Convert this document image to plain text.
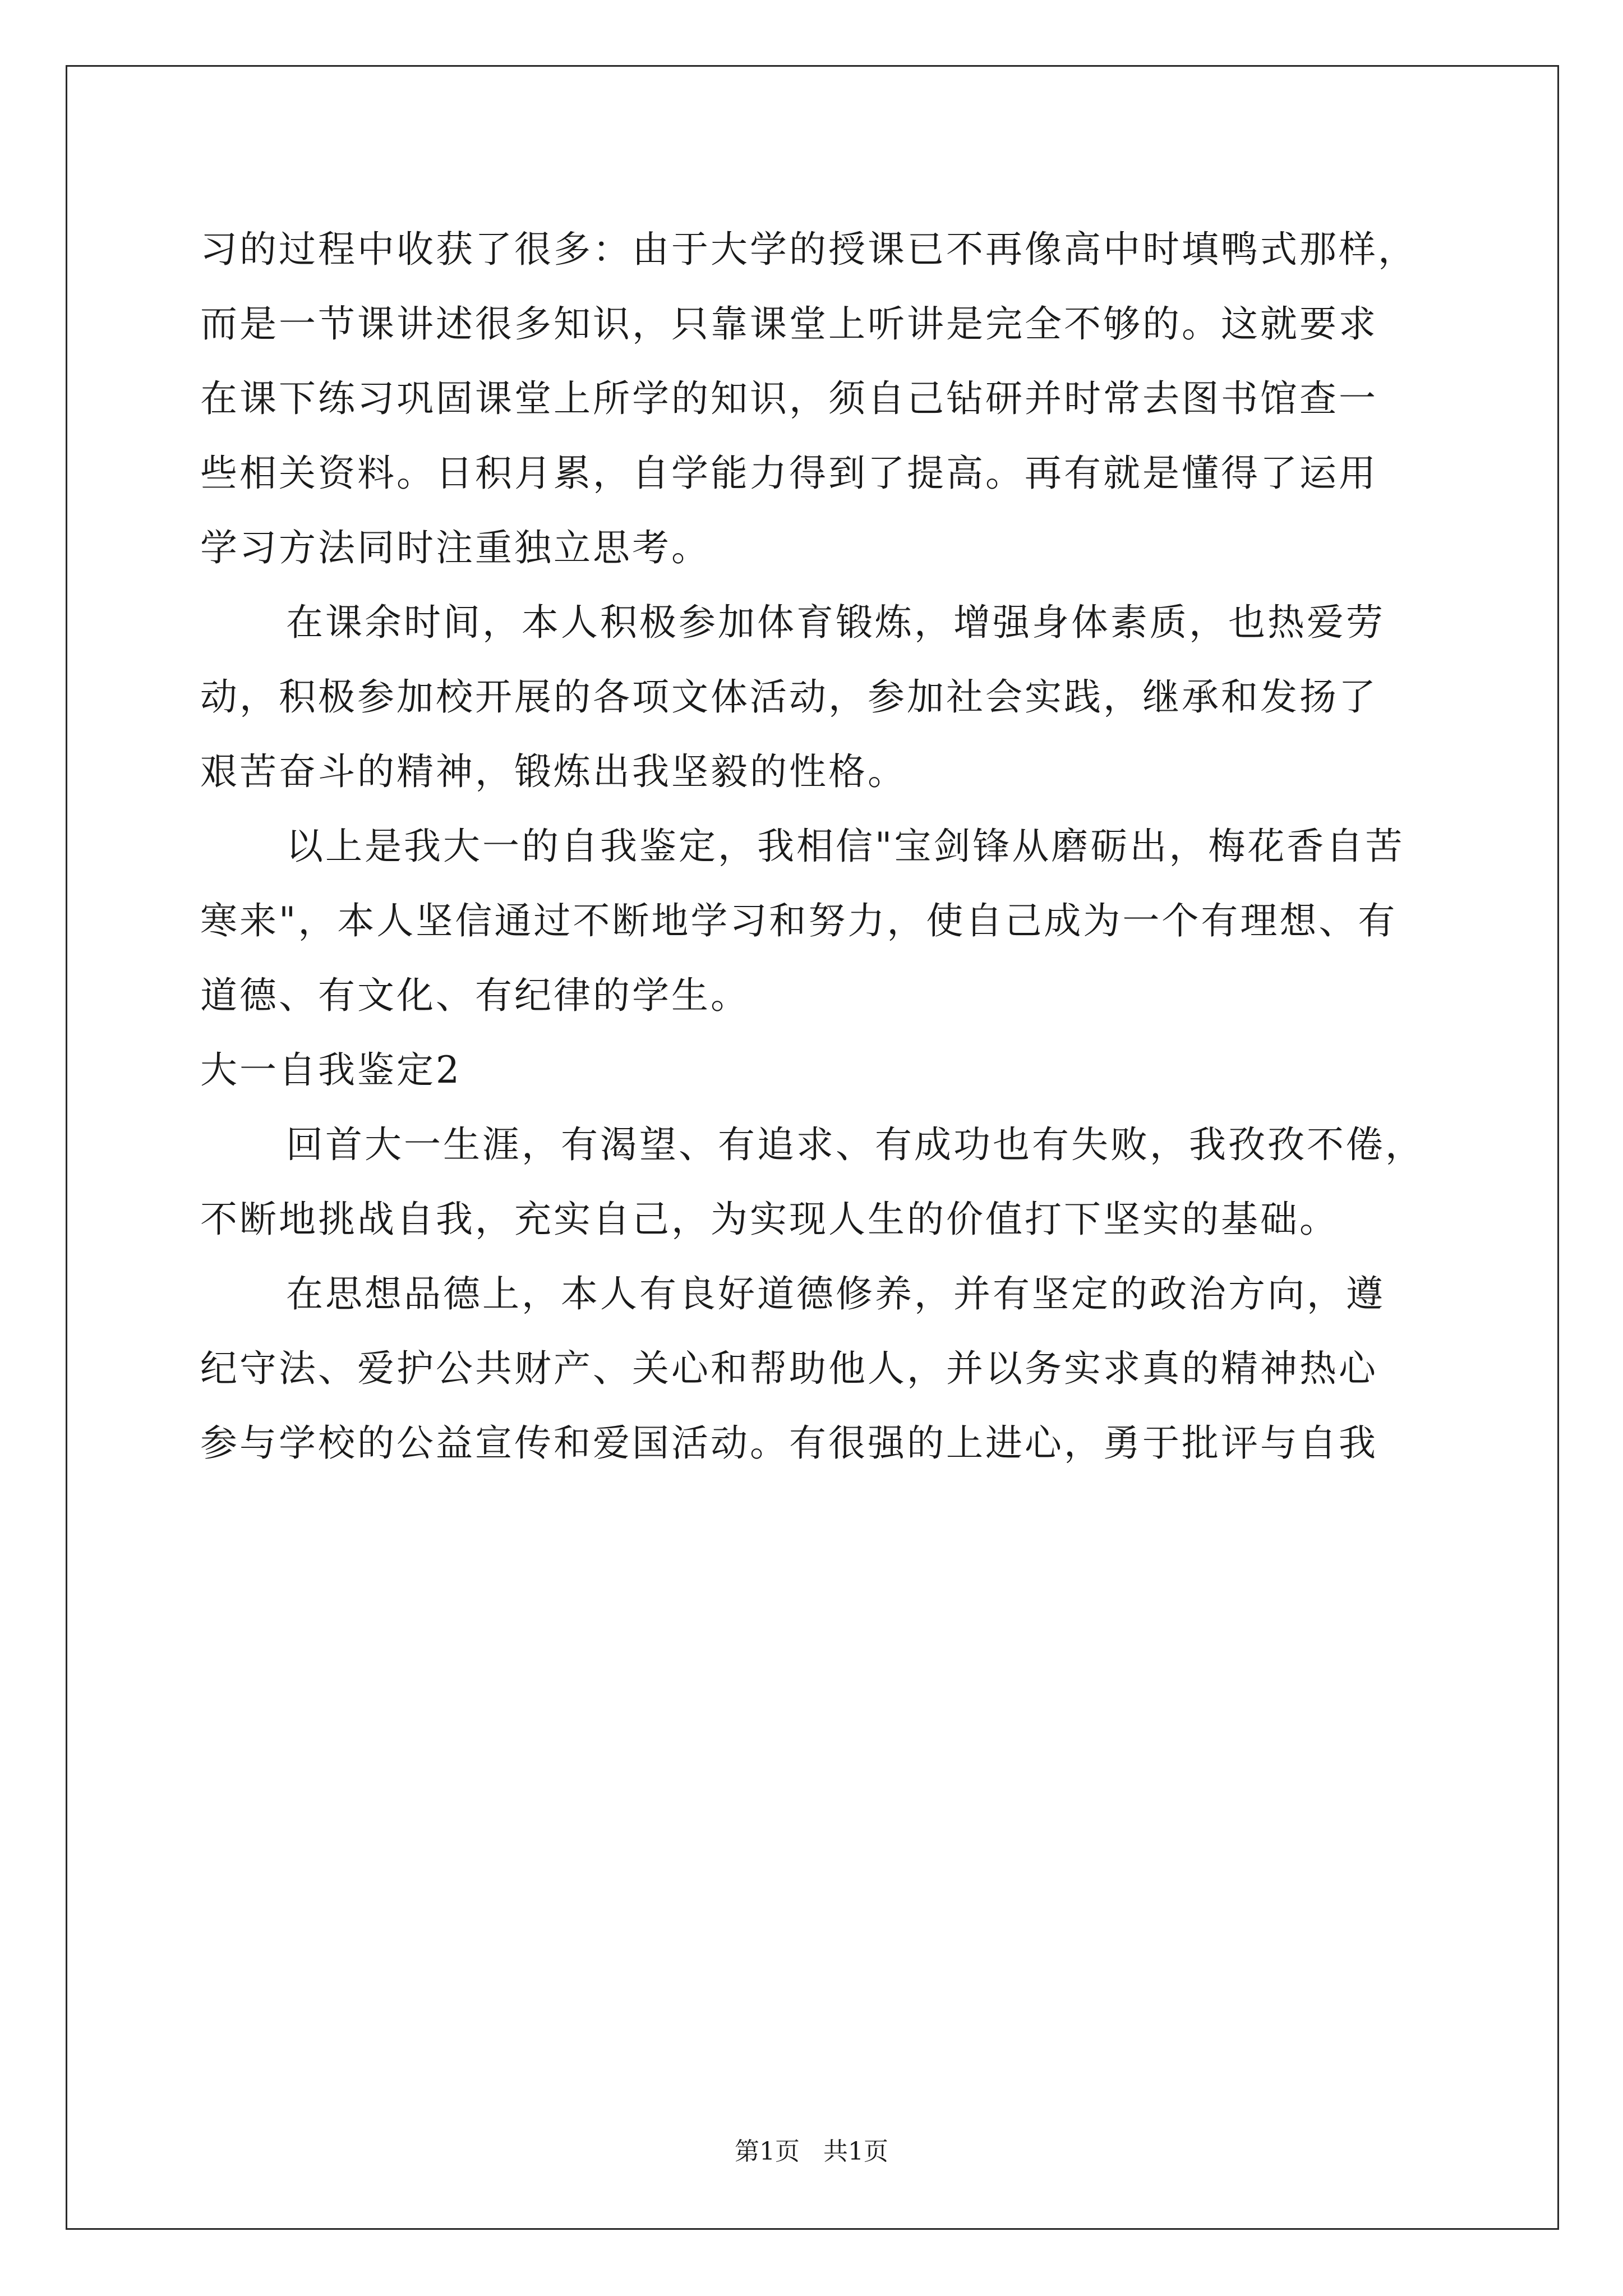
习的过程中收获了很多：由于大学的授课已不再像高中时填鸭式那样，
而是一节课讲述很多知识，只靠课堂上听讲是完全不够的。这就要求
在课下练习巩固课堂上所学的知识，须自己钻研并时常去图书馆查一
些相关资料。日积月累，自学能力得到了提高。再有就是懂得了运用
学习方法同时注重独立思考。
在课余时间，本人积极参加体育锻炼，增强身体素质，也热爱劳
动，积极参加校开展的各项文体活动，参加社会实践，继承和发扬了
艰苦奋斗的精神，锻炼出我坚毅的性格。
以上是我大一的自我鉴定，我相信"宝剑锋从磨砺出，梅花香自苦
寒来"，本人坚信通过不断地学习和努力，使自己成为一个有理想、有
道德、有文化、有纪律的学生。
大一自我鉴定2
回首大一生涯，有渴望、有追求、有成功也有失败，我孜孜不倦，
不断地挑战自我，充实自己，为实现人生的价值打下坚实的基础。
在思想品德上，本人有良好道德修养，并有坚定的政治方向，遵
纪守法、爱护公共财产、关心和帮助他人，并以务实求真的精神热心
参与学校的公益宣传和爱国活动。有很强的上进心，勇于批评与自我
第1页   共1页
